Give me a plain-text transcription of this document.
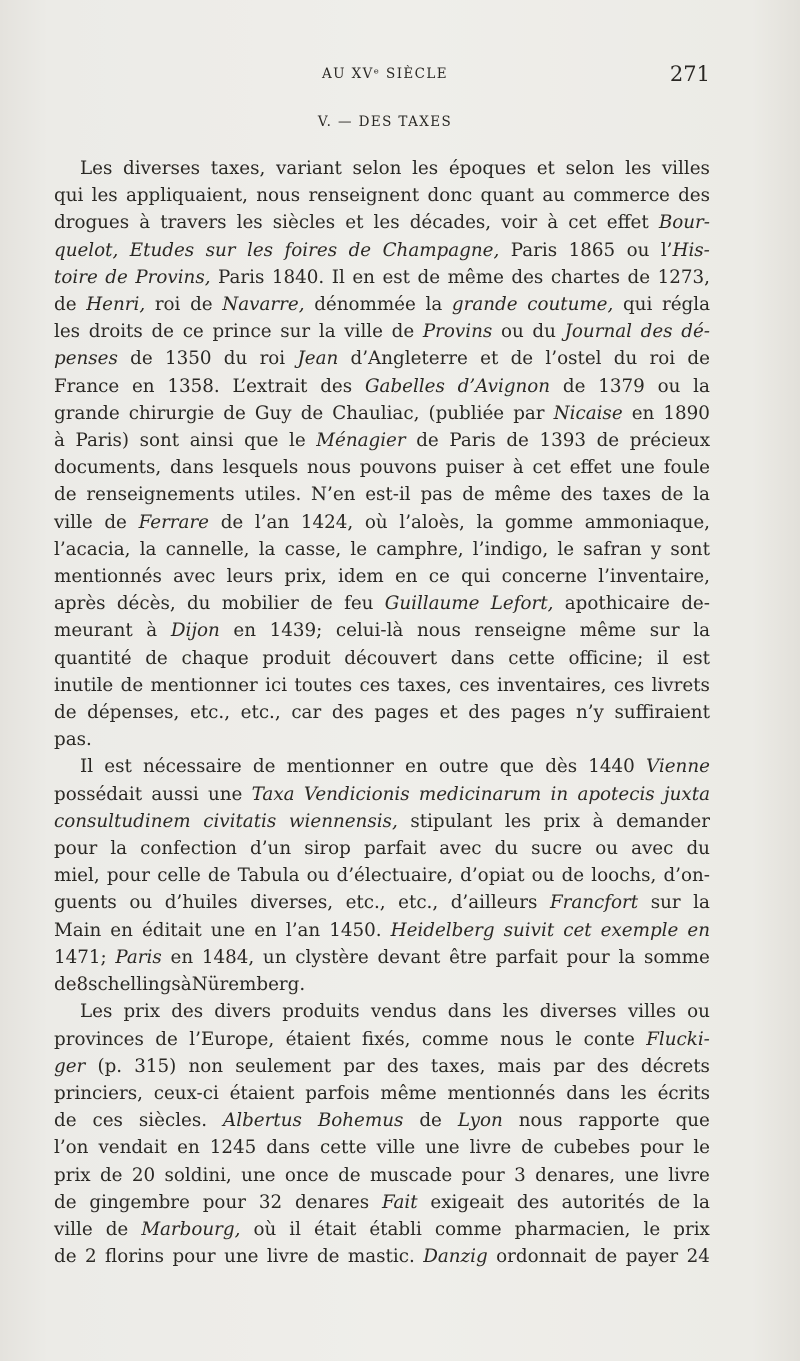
AU XVᵉ SIÈCLE	271
V. — DES TAXES
Les diverses taxes, variant selon les époques et selon les villes
qui les appliquaient, nous renseignent donc quant au commerce des
drogues à travers les siècles et les décades, voir à cet effet Bour-
quelot, Etudes sur les foires de Champagne, Paris 1865 ou l’His-
toire de Provins, Paris 1840. Il en est de même des chartes de 1273,
de Henri, roi de Navarre, dénommée la grande coutume, qui régla
les droits de ce prince sur la ville de Provins ou du Journal des dé-
penses de 1350 du roi Jean d’Angleterre et de l’ostel du roi de
France en 1358. L’extrait des Gabelles d’Avignon de 1379 ou la
grande chirurgie de Guy de Chauliac, (publiée par Nicaise en 1890
à Paris) sont ainsi que le Ménagier de Paris de 1393 de précieux
documents, dans lesquels nous pouvons puiser à cet effet une foule
de renseignements utiles. N’en est-il pas de même des taxes de la
ville de Ferrare de l’an 1424, où l’aloès, la gomme ammoniaque,
l’acacia, la cannelle, la casse, le camphre, l’indigo, le safran y sont
mentionnés avec leurs prix, idem en ce qui concerne l’inventaire,
après décès, du mobilier de feu Guillaume Lefort, apothicaire de-
meurant à Dijon en 1439; celui-là nous renseigne même sur la
quantité de chaque produit découvert dans cette officine; il est
inutile de mentionner ici toutes ces taxes, ces inventaires, ces livrets
de dépenses, etc., etc., car des pages et des pages n’y suffiraient
pas.
Il est nécessaire de mentionner en outre que dès 1440 Vienne
possédait aussi une Taxa Vendicionis medicinarum in apotecis juxta
consultudinem civitatis wiennensis, stipulant les prix à demander
pour la confection d’un sirop parfait avec du sucre ou avec du
miel, pour celle de Tabula ou d’électuaire, d’opiat ou de loochs, d’on-
guents ou d’huiles diverses, etc., etc., d’ailleurs Francfort sur la
Main en éditait une en l’an 1450. Heidelberg suivit cet exemple en
1471; Paris en 1484, un clystère devant être parfait pour la somme
de 8 schellings à Nüremberg.
Les prix des divers produits vendus dans les diverses villes ou
provinces de l’Europe, étaient fixés, comme nous le conte Flucki-
ger (p. 315) non seulement par des taxes, mais par des décrets
princiers, ceux-ci étaient parfois même mentionnés dans les écrits
de ces siècles. Albertus Bohemus de Lyon nous rapporte que
l’on vendait en 1245 dans cette ville une livre de cubebes pour le
prix de 20 soldini, une once de muscade pour 3 denares, une livre
de gingembre pour 32 denares Fait exigeait des autorités de la
ville de Marbourg, où il était établi comme pharmacien, le prix
de 2 florins pour une livre de mastic. Danzig ordonnait de payer 24
